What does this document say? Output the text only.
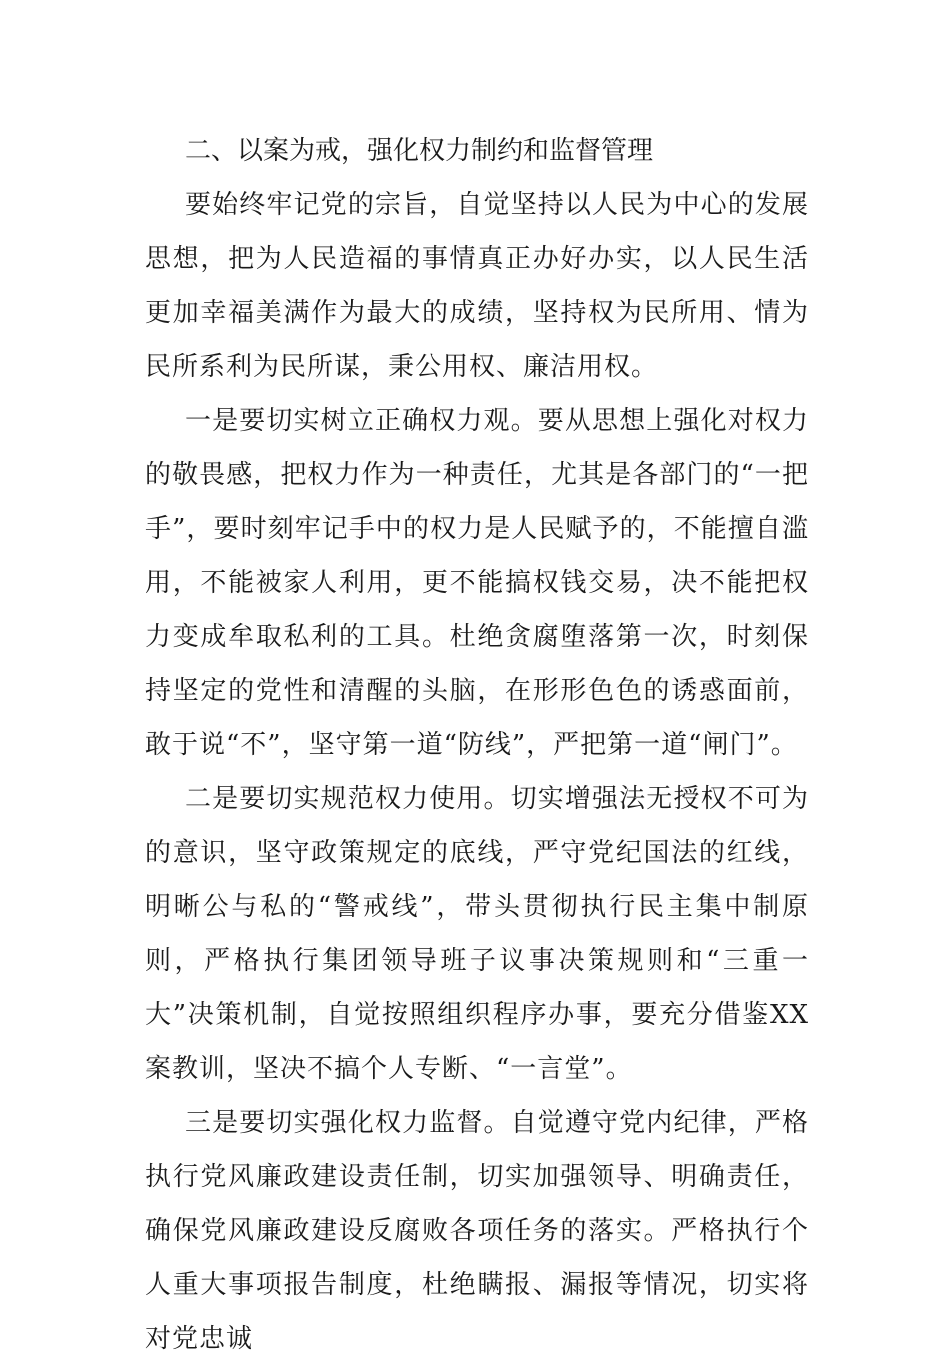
二、以案为戒，强化权力制约和监督管理

要始终牢记党的宗旨，自觉坚持以人民为中心的发展思想，把为人民造福的事情真正办好办实，以人民生活更加幸福美满作为最大的成绩，坚持权为民所用、情为民所系利为民所谋，秉公用权、廉洁用权。

一是要切实树立正确权力观。要从思想上强化对权力的敬畏感，把权力作为一种责任，尤其是各部门的“一把手”，要时刻牢记手中的权力是人民赋予的，不能擅自滥用，不能被家人利用，更不能搞权钱交易，决不能把权力变成牟取私利的工具。杜绝贪腐堕落第一次，时刻保持坚定的党性和清醒的头脑，在形形色色的诱惑面前，敢于说“不”，坚守第一道“防线”，严把第一道“闸门”。

二是要切实规范权力使用。切实增强法无授权不可为的意识，坚守政策规定的底线，严守党纪国法的红线，明晰公与私的“警戒线”，带头贯彻执行民主集中制原则，严格执行集团领导班子议事决策规则和“三重一大”决策机制，自觉按照组织程序办事，要充分借鉴XX案教训，坚决不搞个人专断、“一言堂”。

三是要切实强化权力监督。自觉遵守党内纪律，严格执行党风廉政建设责任制，切实加强领导、明确责任，确保党风廉政建设反腐败各项任务的落实。严格执行个人重大事项报告制度，杜绝瞒报、漏报等情况，切实将对党忠诚
